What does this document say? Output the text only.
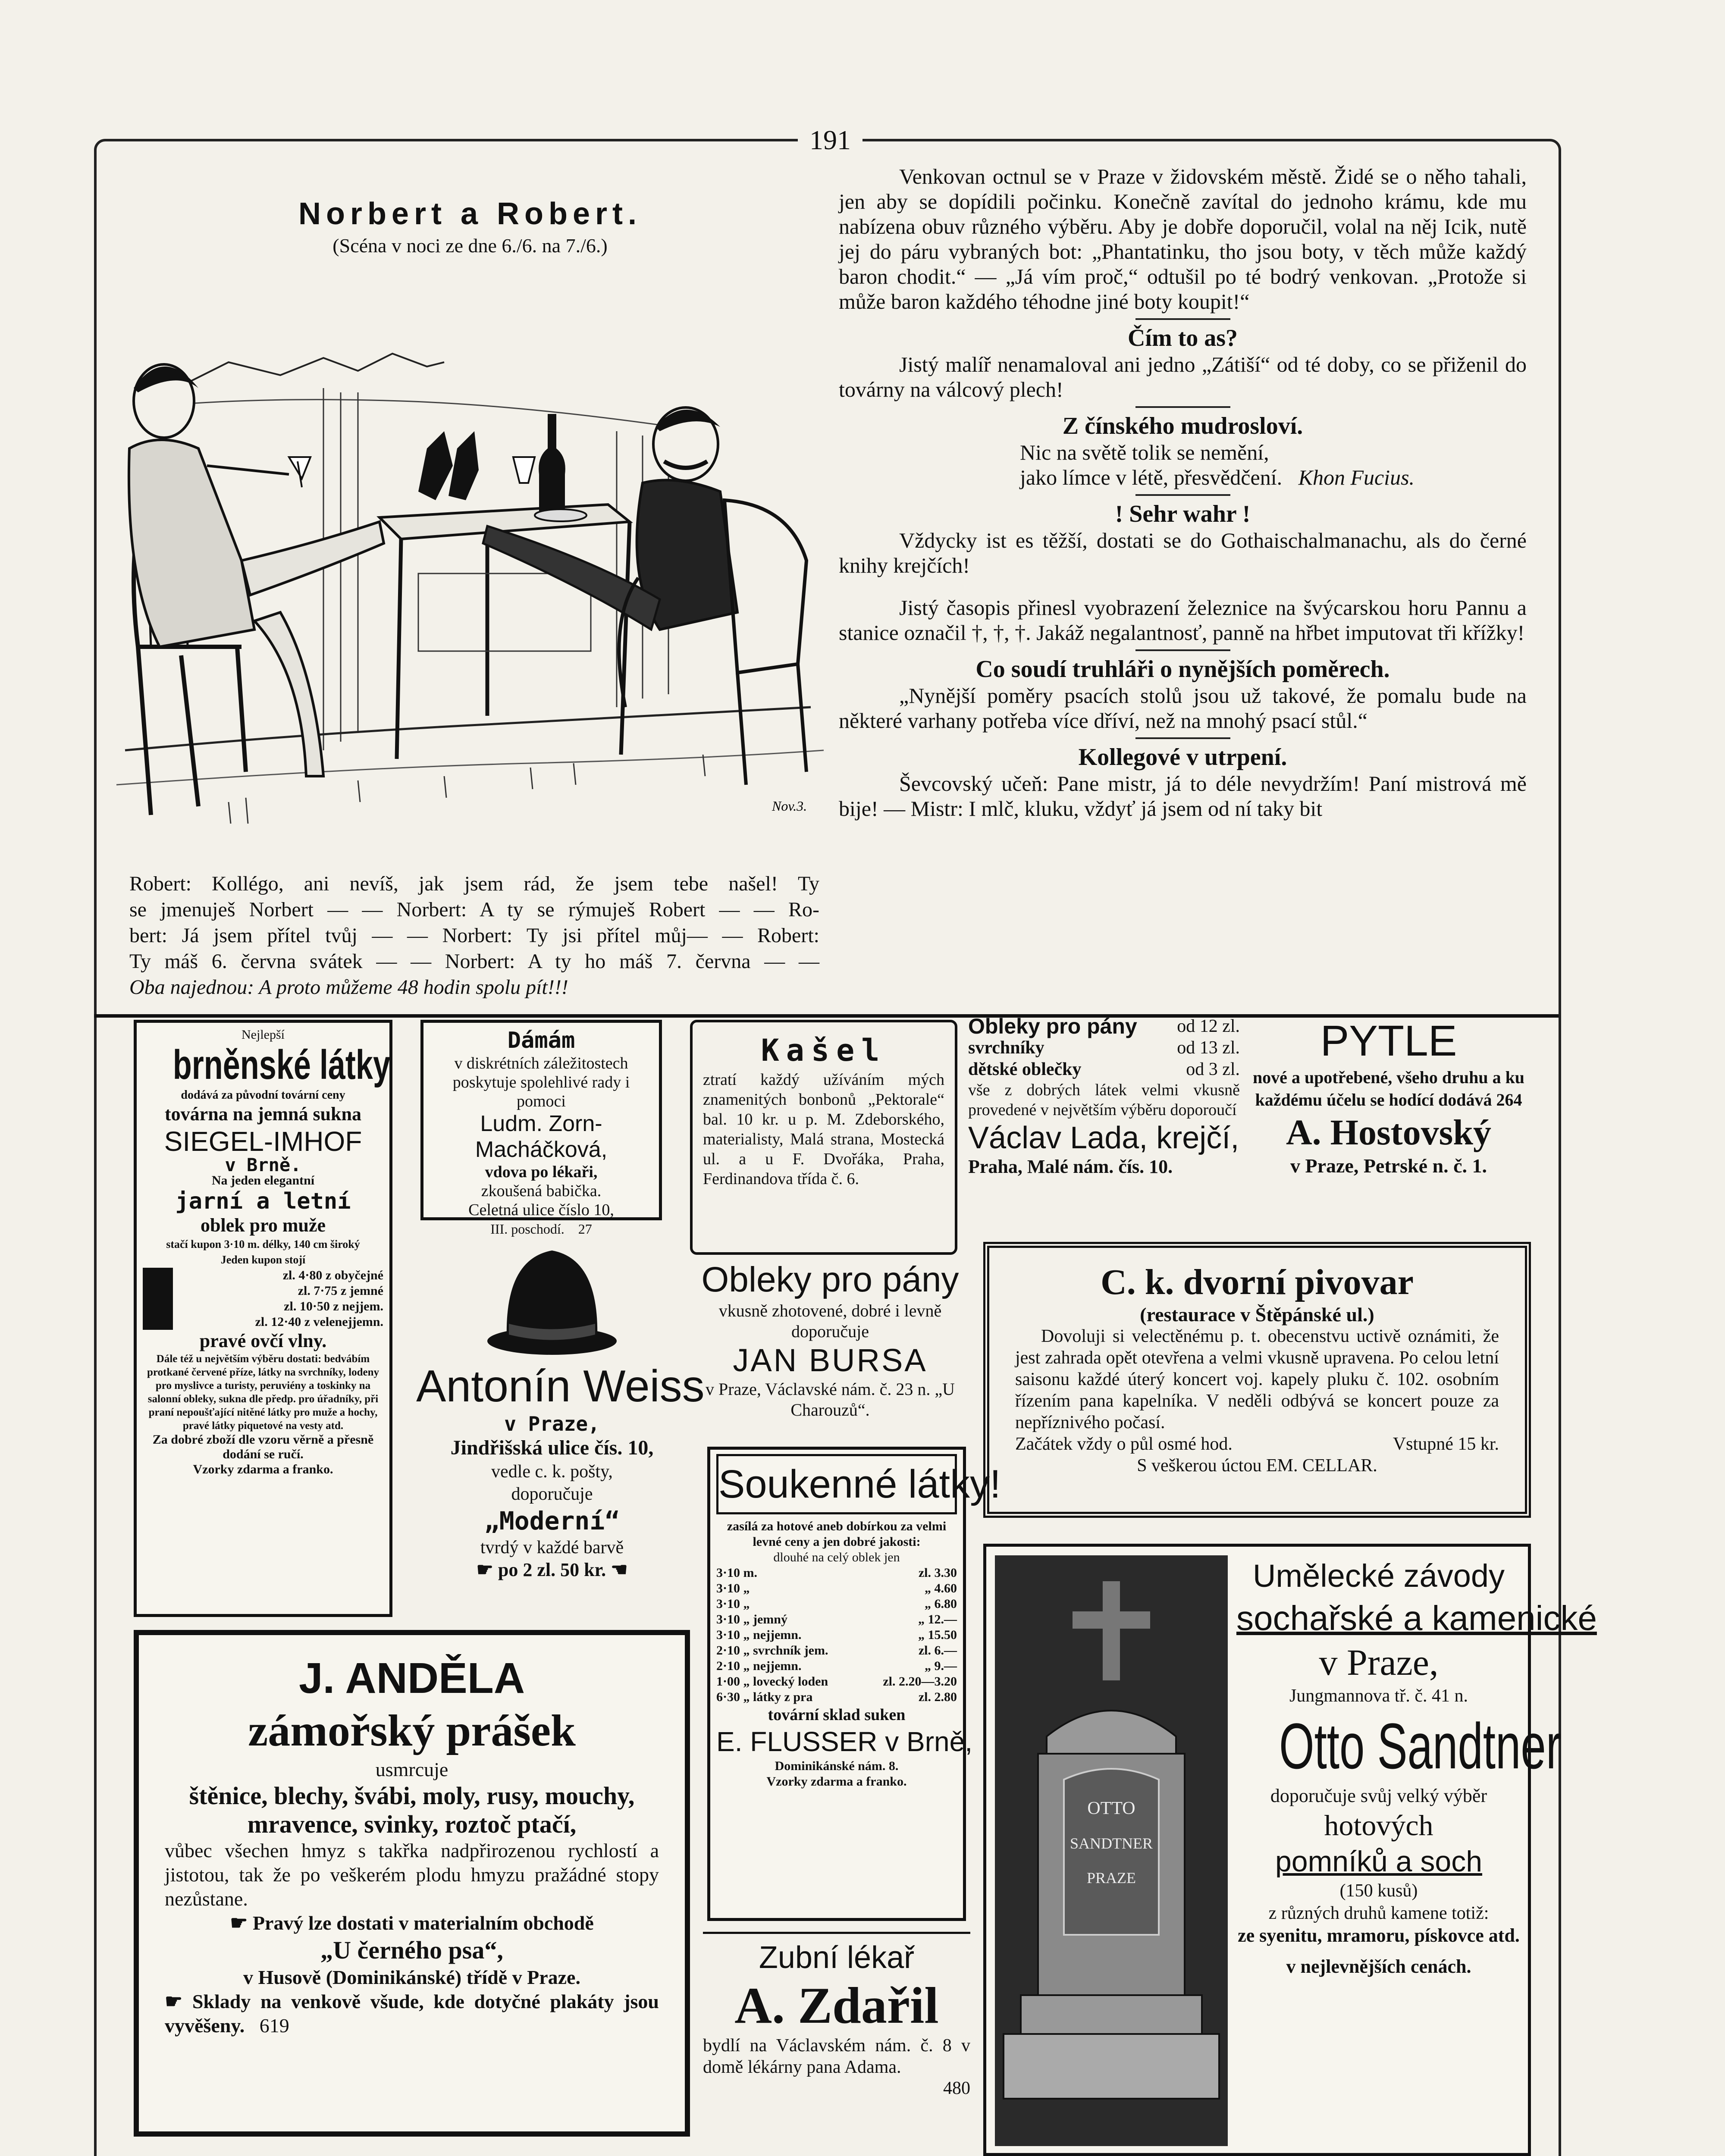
191
Norbert a Robert.
(Scéna v noci ze dne 6./6. na 7./6.)
Nov.3.
Robert: Kollégo, ani nevíš, jak jsem rád, že jsem tebe našel! Ty
se jmenuješ Norbert — — Norbert: A ty se rýmuješ Robert — — Ro-
bert: Já jsem přítel tvůj — — Norbert: Ty jsi přítel můj— — Robert:
Ty máš 6. června svátek — — Norbert: A ty ho máš 7. června — —
Oba najednou: A proto můžeme 48 hodin spolu pít!!!

Venkovan octnul se v Praze v židovském městě. Židé se o něho tahali, jen aby se dopídili počinku. Konečně zavítal do jednoho krámu, kde mu nabízena obuv různého výběru. Aby je dobře doporučil, volal na něj Icik, nutě jej do páru vybraných bot: „Phantatinku, tho jsou boty, v těch může každý baron chodit.“ — „Já vím proč,“ odtušil po té bodrý venkovan. „Protože si může baron každého téhodne jiné boty koupit!“

Čím to as?

Jistý malíř nenamaloval ani jedno „Zátiší“ od té doby, co se přiženil do továrny na válcový plech!

Z čínského mudrosloví.
Nic na světě tolik se nemění,
jako límce v létě, přesvědčení. Khon Fucius.
! Sehr wahr !

Vždycky ist es těžší, dostati se do Gothaischalmanachu, als do černé knihy krejčích!

Jistý časopis přinesl vyobrazení železnice na švýcarskou horu Pannu a stanice označil †, †, †. Jakáž negalantnosť, panně na hřbet imputovat tři křížky!

Co soudí truhláři o nynějších poměrech.

„Nynější poměry psacích stolů jsou už takové, že pomalu bude na některé varhany potřeba více dříví, než na mnohý psací stůl.“

Kollegové v utrpení.

Ševcovský učeň: Pane mistr, já to déle nevydržím! Paní mistrová mě bije! — Mistr: I mlč, kluku, vždyť já jsem od ní taky bit

Nejlepší
brněnské látky
dodává za původní tovární ceny
továrna na jemná sukna
SIEGEL-IMHOF
v Brně.
Na jeden elegantní
jarní a letní
oblek pro muže
stačí kupon 3·10 m. délky, 140 cm široký
Jeden kupon stojí
zl. 4·80 z obyčejné
zl. 7·75 z jemné
zl. 10·50 z nejjem.
zl. 12·40 z velenejjemn.
pravé ovčí vlny.
Dále též u největším výběru dostati: bedvábím protkané červené příze, látky na svrchníky, lodeny pro myslivce a turisty, peruviény a toskinky na salonní obleky, sukna dle předp. pro úřadníky, při praní nepoušťající nitěné látky pro muže a hochy, pravé látky piquetové na vesty atd.
Za dobré zboží dle vzoru věrně a přesně dodání se ručí.
Vzorky zdarma a franko.
Dámám
v diskrétních záležitostech poskytuje spolehlivé rady i pomoci
Ludm. Zorn-Macháčková,
vdova po lékaři,
zkoušená babička.
Celetná ulice číslo 10,
III. poschodí. 27
Kašel
ztratí každý užíváním mých znamenitých bonbonů „Pektorale“ bal. 10 kr. u p. M. Zdeborského, materialisty, Malá strana, Mostecká ul. a u F. Dvořáka, Praha, Ferdinandova třída č. 6.
Obleky pro pány od 12 zl.
svrchníky	od 13 zl.
dětské oblečky	od 3 zl.
vše z dobrých látek velmi vkusně provedené v největším výběru doporoučí
Václav Lada, krejčí,
Praha, Malé nám. čís. 10.
PYTLE
nové a upotřebené, všeho druhu a ku každému účelu se hodící dodává 264
A. Hostovský
v Praze, Petrské n. č. 1.
Antonín Weiss
v Praze,
Jindřišská ulice čís. 10,
vedle c. k. pošty,
doporučuje
„Moderní“
tvrdý v každé barvě
☛ po 2 zl. 50 kr. ☚
Obleky pro pány
vkusně zhotovené, dobré i levně doporučuje
JAN BURSA
v Praze, Václavské nám. č. 23 n. „U Charouzů“.
C. k. dvorní pivovar
(restaurace v Štěpánské ul.)
Dovoluji si velectěnému p. t. obecenstvu uctivě oznámiti, že jest zahrada opět otevřena a velmi vkusně upravena. Po celou letní saisonu každé úterý koncert voj. kapely pluku č. 102. osobním řízením pana kapelníka. V neděli odbývá se koncert pouze za nepříznivého počasí.
Začátek vždy o půl osmé hod.	Vstupné 15 kr.
S veškerou úctou EM. CELLAR.
Soukenné látky!
zasílá za hotové aneb dobírkou za velmi levné ceny a jen dobré jakosti:
dlouhé na celý oblek jen
3·10 m.	zl. 3.30
3·10 „	„ 4.60
3·10 „	„ 6.80
3·10 „ jemný	„ 12.—
3·10 „ nejjemn.	„ 15.50
2·10 „ svrchník jem.	zl. 6.—
2·10 „ nejjemn.	„ 9.—
1·00 „ lovecký loden	zl. 2.20—3.20
6·30 „ látky z pra	zl. 2.80
tovární sklad suken
E. FLUSSER v Brně,
Dominikánské nám. 8.
Vzorky zdarma a franko.
OTTO
SANDTNER
PRAZE
Umělecké závody
sochařské a kamenické
v Praze,
Jungmannova tř. č. 41 n.
Otto Sandtner
doporučuje svůj velký výběr
hotových
pomníků a soch
(150 kusů)
z různých druhů kamene totiž:
ze syenitu, mramoru, pískovce atd.
v nejlevnějších cenách.
J. ANDĚLA
zámořský prášek
usmrcuje
štěnice, blechy, švábi, moly, rusy, mouchy, mravence, svinky, roztoč ptačí,
vůbec všechen hmyz s takřka nadpřirozenou rychlostí a jistotou, tak že po veškerém plodu hmyzu pražádné stopy nezůstane.
☛ Pravý lze dostati v materialním obchodě
„U černého psa“,
v Husově (Dominikánské) třídě v Praze.
☛ Sklady na venkově všude, kde dotyčné plakáty jsou vyvěšeny. 619
Zubní lékař
A. Zdařil
bydlí na Václavském nám. č. 8 v domě lékárny pana Adama.
480
